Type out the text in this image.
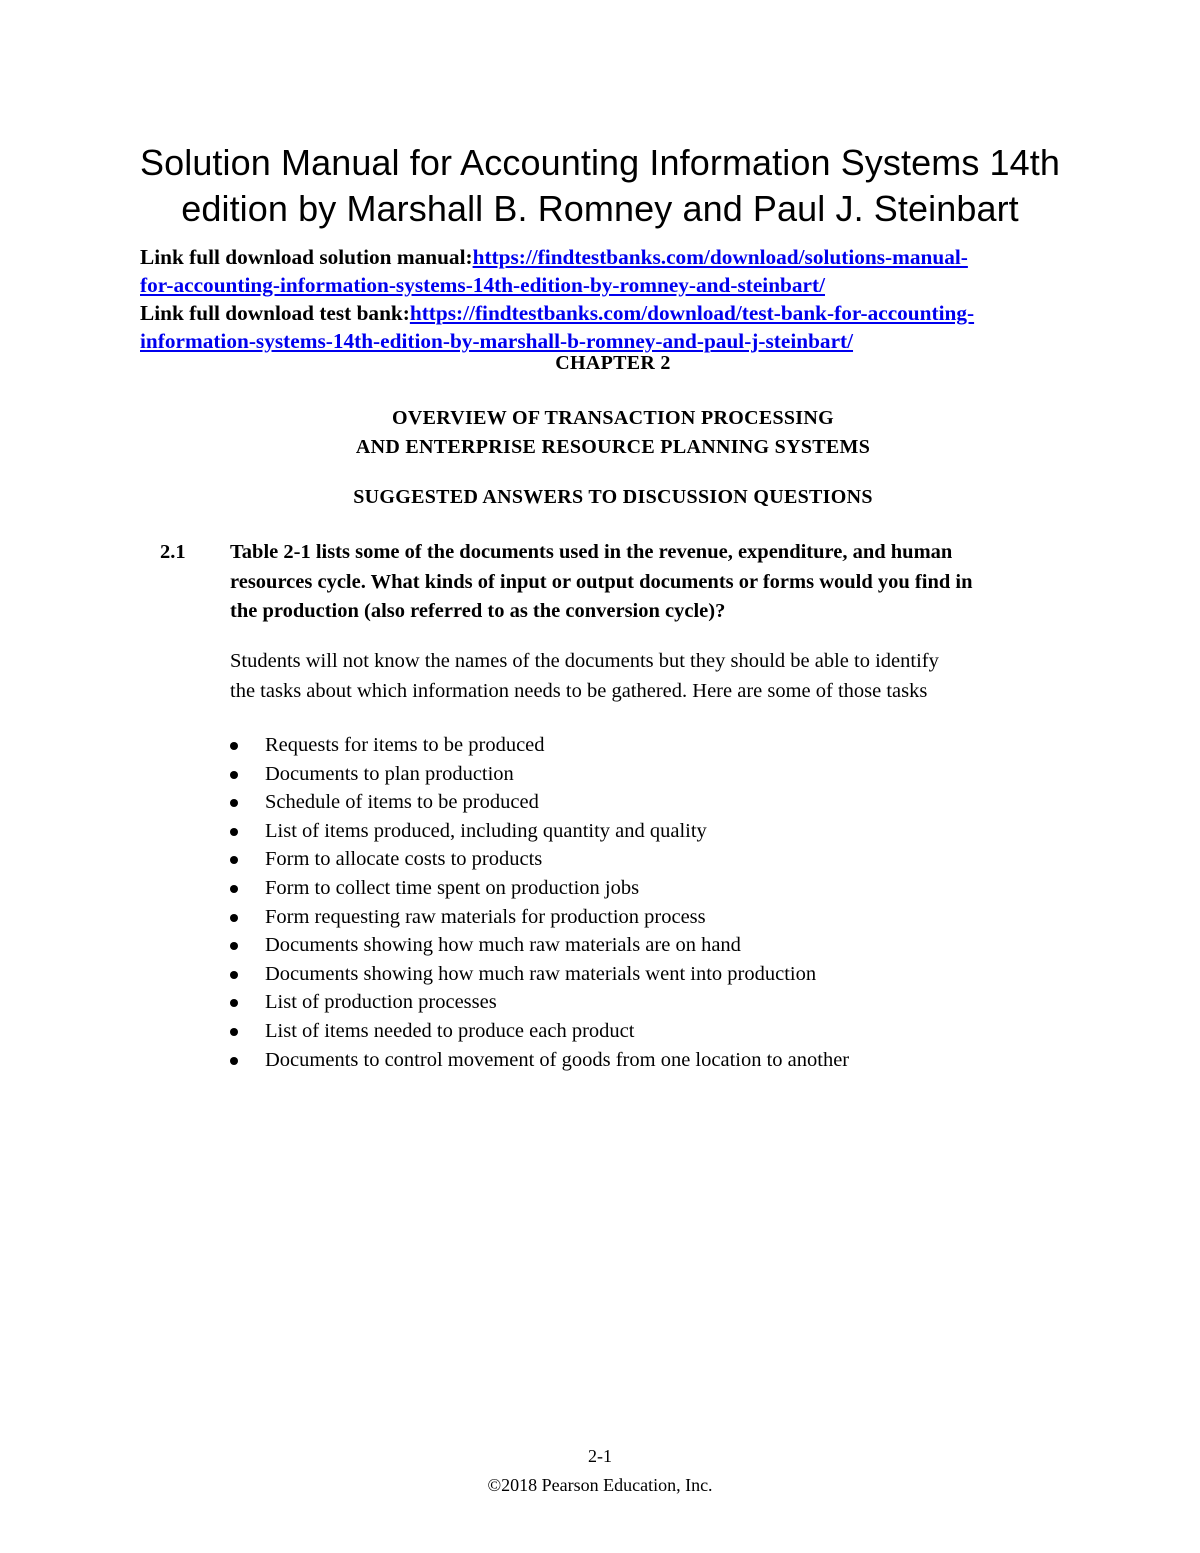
Solution Manual for Accounting Information Systems 14th
edition by Marshall B. Romney and Paul J. Steinbart
Link full download solution manual:https://findtestbanks.com/download/solutions-manual-
for-accounting-information-systems-14th-edition-by-romney-and-steinbart/
Link full download test bank:https://findtestbanks.com/download/test-bank-for-accounting-
information-systems-14th-edition-by-marshall-b-romney-and-paul-j-steinbart/
CHAPTER 2
OVERVIEW OF TRANSACTION PROCESSING
AND ENTERPRISE RESOURCE PLANNING SYSTEMS
SUGGESTED ANSWERS TO DISCUSSION QUESTIONS
2.1 Table 2-1 lists some of the documents used in the revenue, expenditure, and human
resources cycle. What kinds of input or output documents or forms would you find in
the production (also referred to as the conversion cycle)?
Students will not know the names of the documents but they should be able to identify
the tasks about which information needs to be gathered. Here are some of those tasks
Requests for items to be produced
Documents to plan production
Schedule of items to be produced
List of items produced, including quantity and quality
Form to allocate costs to products
Form to collect time spent on production jobs
Form requesting raw materials for production process
Documents showing how much raw materials are on hand
Documents showing how much raw materials went into production
List of production processes
List of items needed to produce each product
Documents to control movement of goods from one location to another
2-1
©2018 Pearson Education, Inc.
